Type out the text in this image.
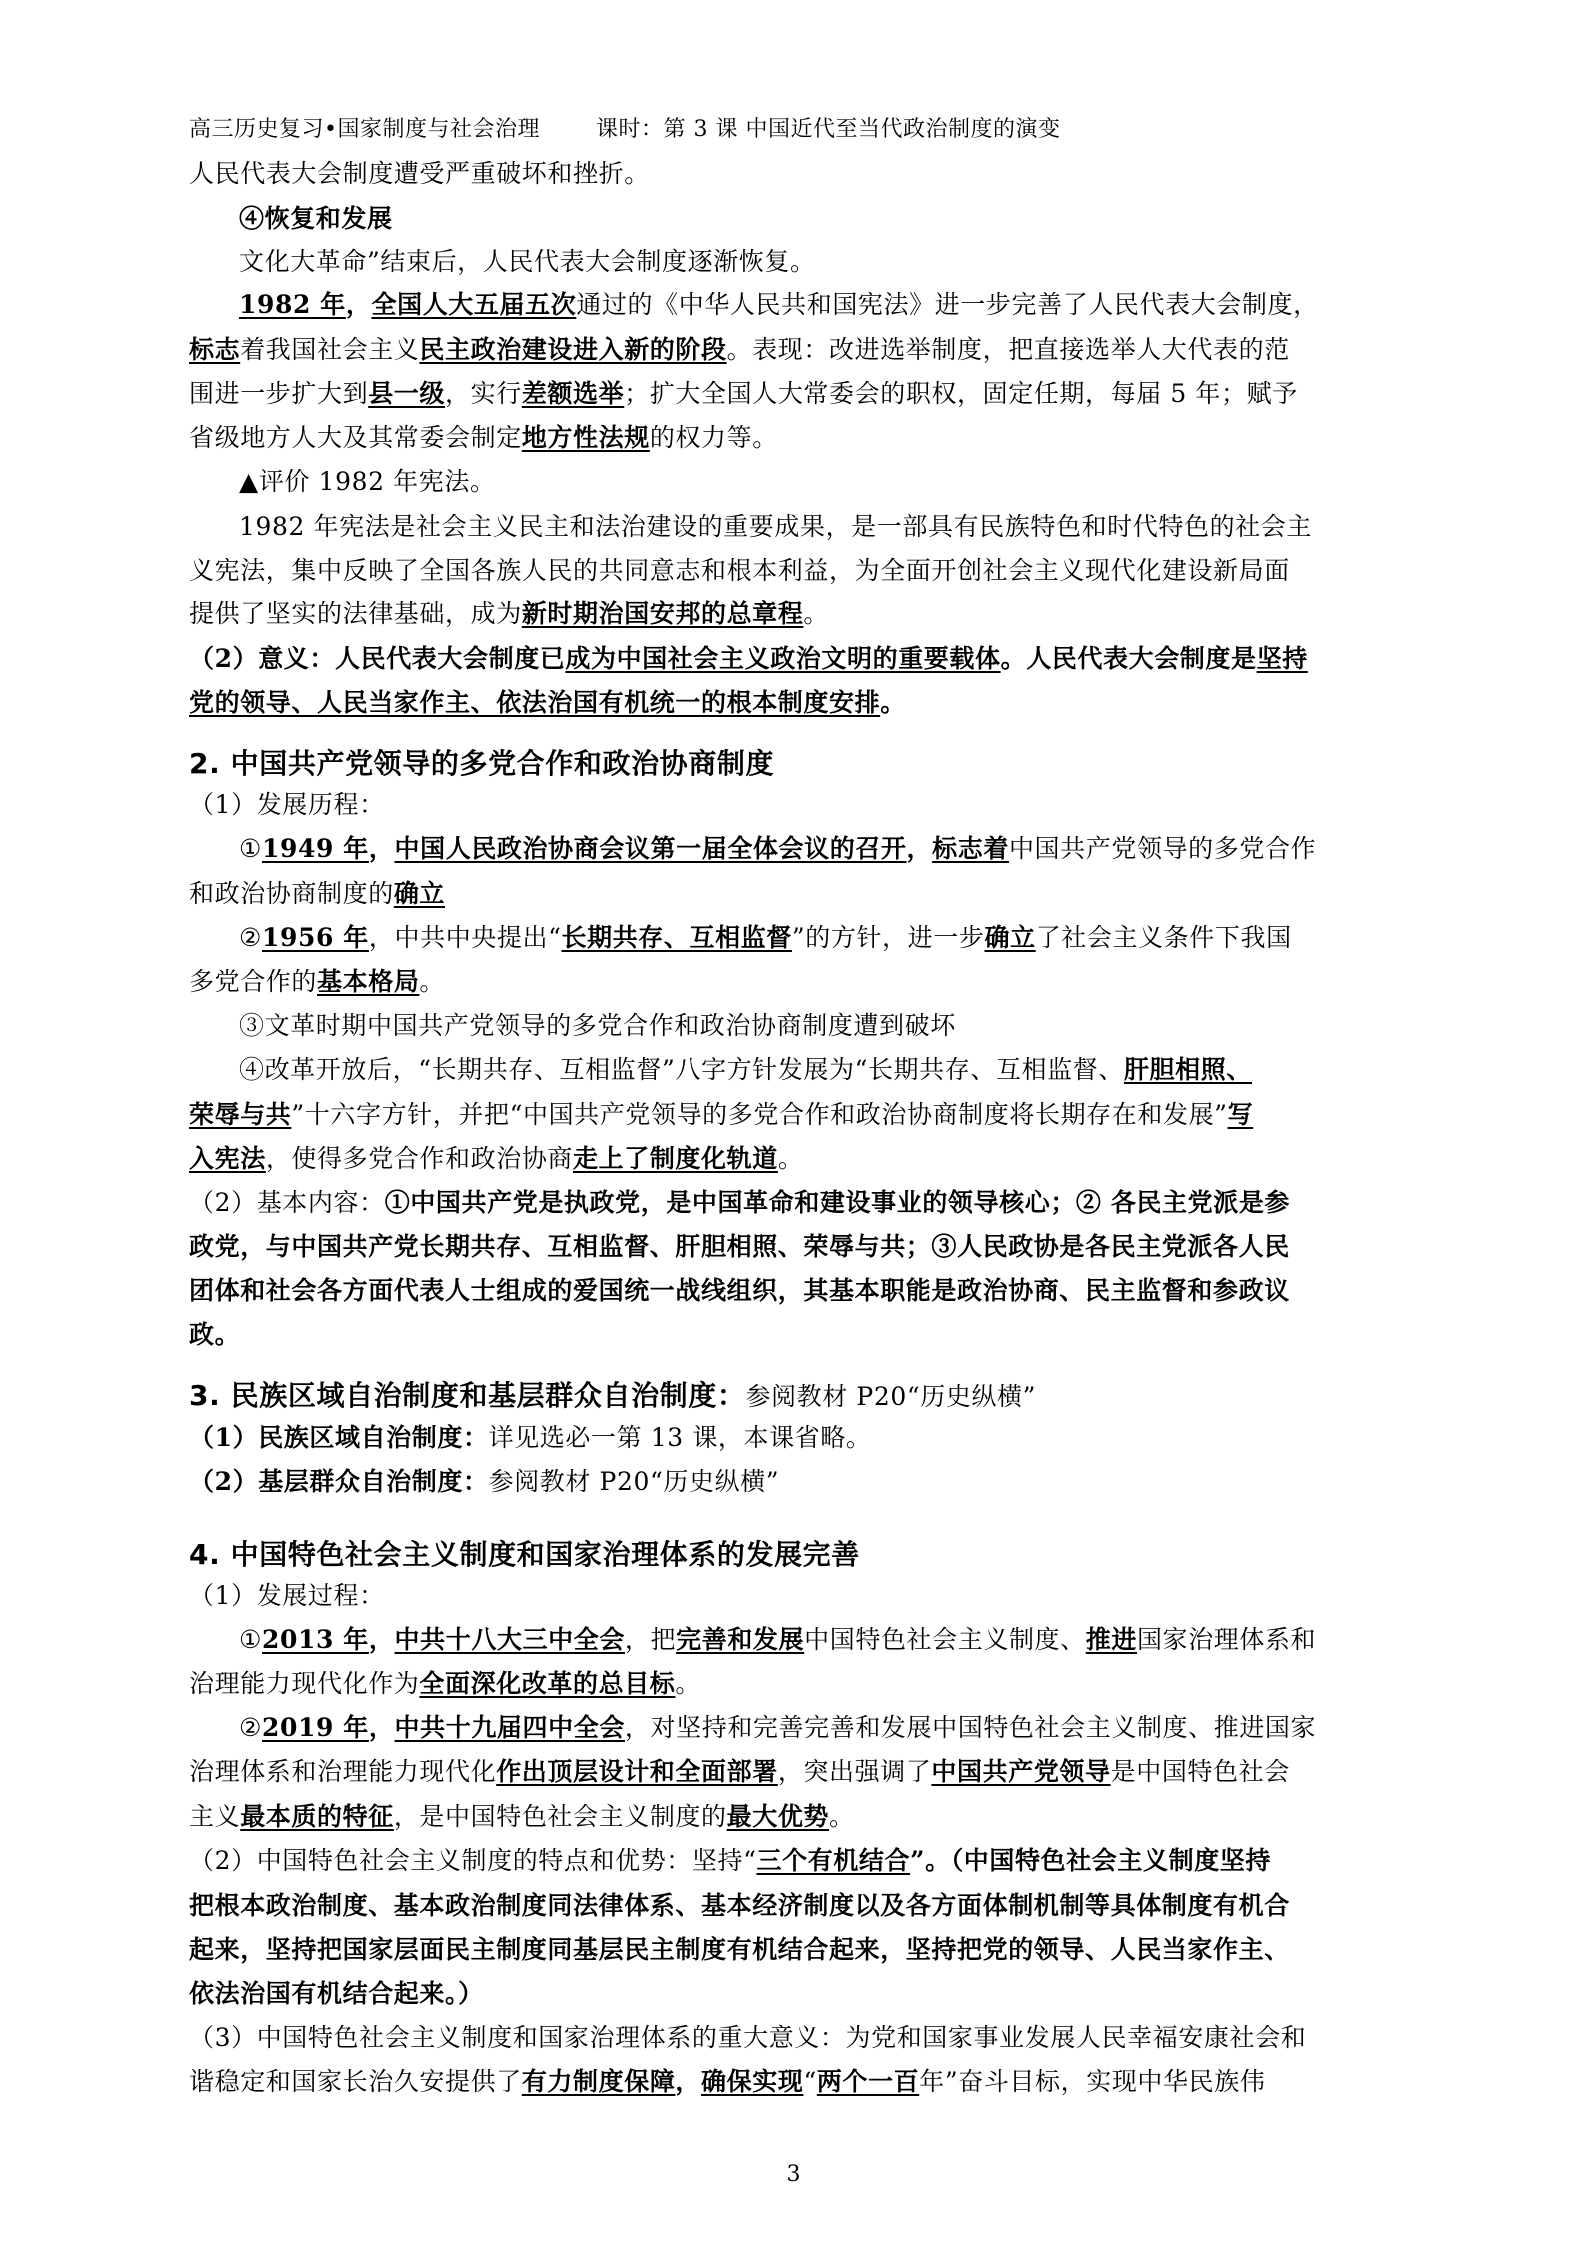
高三历史复习•国家制度与社会治理	课时：第 3 课 中国近代至当代政治制度的演变
人民代表大会制度遭受严重破坏和挫折。
④恢复和发展
文化大革命”结束后，人民代表大会制度逐渐恢复。
1982 年，全国人大五届五次通过的《中华人民共和国宪法》进一步完善了人民代表大会制度，
标志着我国社会主义民主政治建设进入新的阶段。表现：改进选举制度，把直接选举人大代表的范
围进一步扩大到县一级，实行差额选举；扩大全国人大常委会的职权，固定任期，每届 5 年；赋予
省级地方人大及其常委会制定地方性法规的权力等。
▲评价 1982 年宪法。
1982 年宪法是社会主义民主和法治建设的重要成果，是一部具有民族特色和时代特色的社会主
义宪法，集中反映了全国各族人民的共同意志和根本利益，为全面开创社会主义现代化建设新局面
提供了坚实的法律基础，成为新时期治国安邦的总章程。
（2）意义：人民代表大会制度已成为中国社会主义政治文明的重要载体。人民代表大会制度是坚持
党的领导、人民当家作主、依法治国有机统一的根本制度安排。
2. 中国共产党领导的多党合作和政治协商制度
（1）发展历程：
①1949 年，中国人民政治协商会议第一届全体会议的召开，标志着中国共产党领导的多党合作
和政治协商制度的确立
②1956 年，中共中央提出“长期共存、互相监督”的方针，进一步确立了社会主义条件下我国
多党合作的基本格局。
③文革时期中国共产党领导的多党合作和政治协商制度遭到破坏
④改革开放后，“长期共存、互相监督”八字方针发展为“长期共存、互相监督、肝胆相照、
荣辱与共”十六字方针，并把“中国共产党领导的多党合作和政治协商制度将长期存在和发展”写
入宪法，使得多党合作和政治协商走上了制度化轨道。
（2）基本内容：①中国共产党是执政党，是中国革命和建设事业的领导核心；② 各民主党派是参
政党，与中国共产党长期共存、互相监督、肝胆相照、荣辱与共；③人民政协是各民主党派各人民
团体和社会各方面代表人士组成的爱国统一战线组织，其基本职能是政治协商、民主监督和参政议
政。
3. 民族区域自治制度和基层群众自治制度：参阅教材 P20“历史纵横”
（1）民族区域自治制度：详见选必一第 13 课，本课省略。
（2）基层群众自治制度：参阅教材 P20“历史纵横”
4. 中国特色社会主义制度和国家治理体系的发展完善
（1）发展过程：
①2013 年，中共十八大三中全会，把完善和发展中国特色社会主义制度、推进国家治理体系和
治理能力现代化作为全面深化改革的总目标。
②2019 年，中共十九届四中全会，对坚持和完善完善和发展中国特色社会主义制度、推进国家
治理体系和治理能力现代化作出顶层设计和全面部署，突出强调了中国共产党领导是中国特色社会
主义最本质的特征，是中国特色社会主义制度的最大优势。
（2）中国特色社会主义制度的特点和优势：坚持“三个有机结合”。（中国特色社会主义制度坚持
把根本政治制度、基本政治制度同法律体系、基本经济制度以及各方面体制机制等具体制度有机合
起来，坚持把国家层面民主制度同基层民主制度有机结合起来，坚持把党的领导、人民当家作主、
依法治国有机结合起来。）
（3）中国特色社会主义制度和国家治理体系的重大意义：为党和国家事业发展人民幸福安康社会和
谐稳定和国家长治久安提供了有力制度保障，确保实现“两个一百年”奋斗目标，实现中华民族伟
3
